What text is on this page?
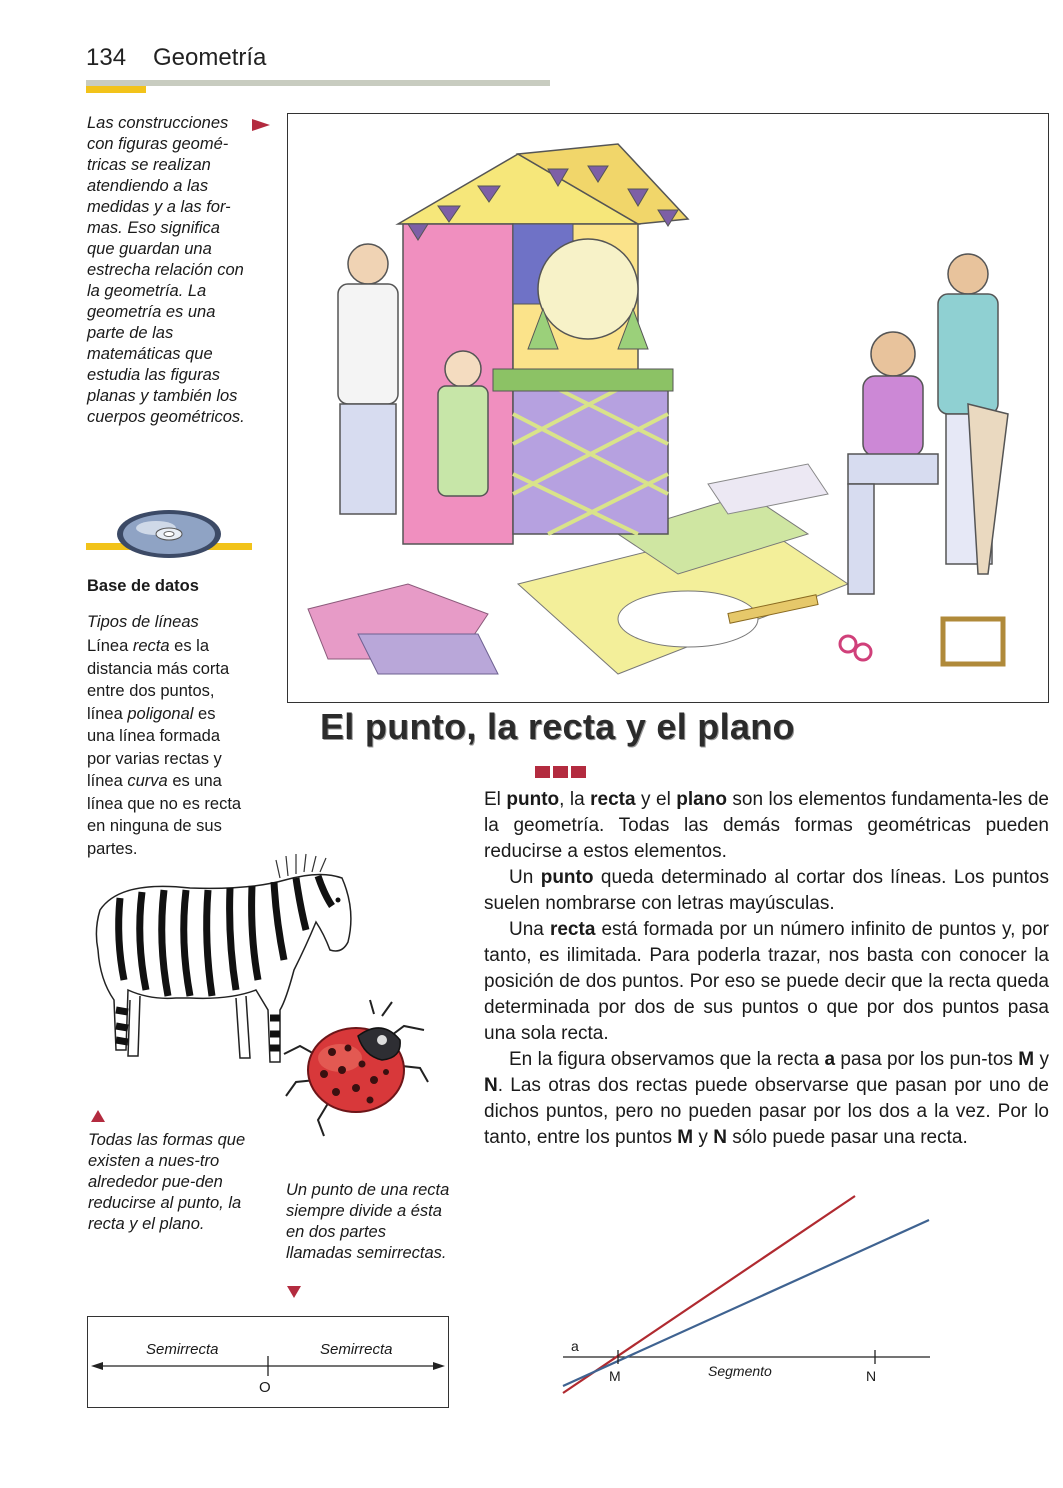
134 Geometría
Las construcciones con figuras geomé-tricas se realizan atendiendo a las medidas y a las for-mas. Eso significa que guardan una estrecha relación con la geometría. La geometría es una parte de las matemáticas que estudia las figuras planas y también los cuerpos geométricos.
Base de datos
Tipos de líneas
Línea recta es la distancia más corta entre dos puntos, línea poligonal es una línea formada por varias rectas y línea curva es una línea que no es recta en ninguna de sus partes.
Todas las formas que existen a nues-tro alrededor pue-den reducirse al punto, la recta y el plano.
Un punto de una recta siempre divide a ésta en dos partes llamadas semirrectas.
Semirrecta	Semirrecta
O
El punto, la recta y el plano

El punto, la recta y el plano son los elementos fundamenta-les de la geometría. Todas las demás formas geométricas pueden reducirse a estos elementos.

Un punto queda determinado al cortar dos líneas. Los puntos suelen nombrarse con letras mayúsculas.

Una recta está formada por un número infinito de puntos y, por tanto, es ilimitada. Para poderla trazar, nos basta con conocer la posición de dos puntos. Por eso se puede decir que la recta queda determinada por dos de sus puntos o que por dos puntos pasa una sola recta.

En la figura observamos que la recta a pasa por los pun-tos M y N. Las otras dos rectas puede observarse que pasan por uno de dichos puntos, pero no pueden pasar por los dos a la vez. Por lo tanto, entre los puntos M y N sólo puede pasar una recta.

a
M	N
Segmento
